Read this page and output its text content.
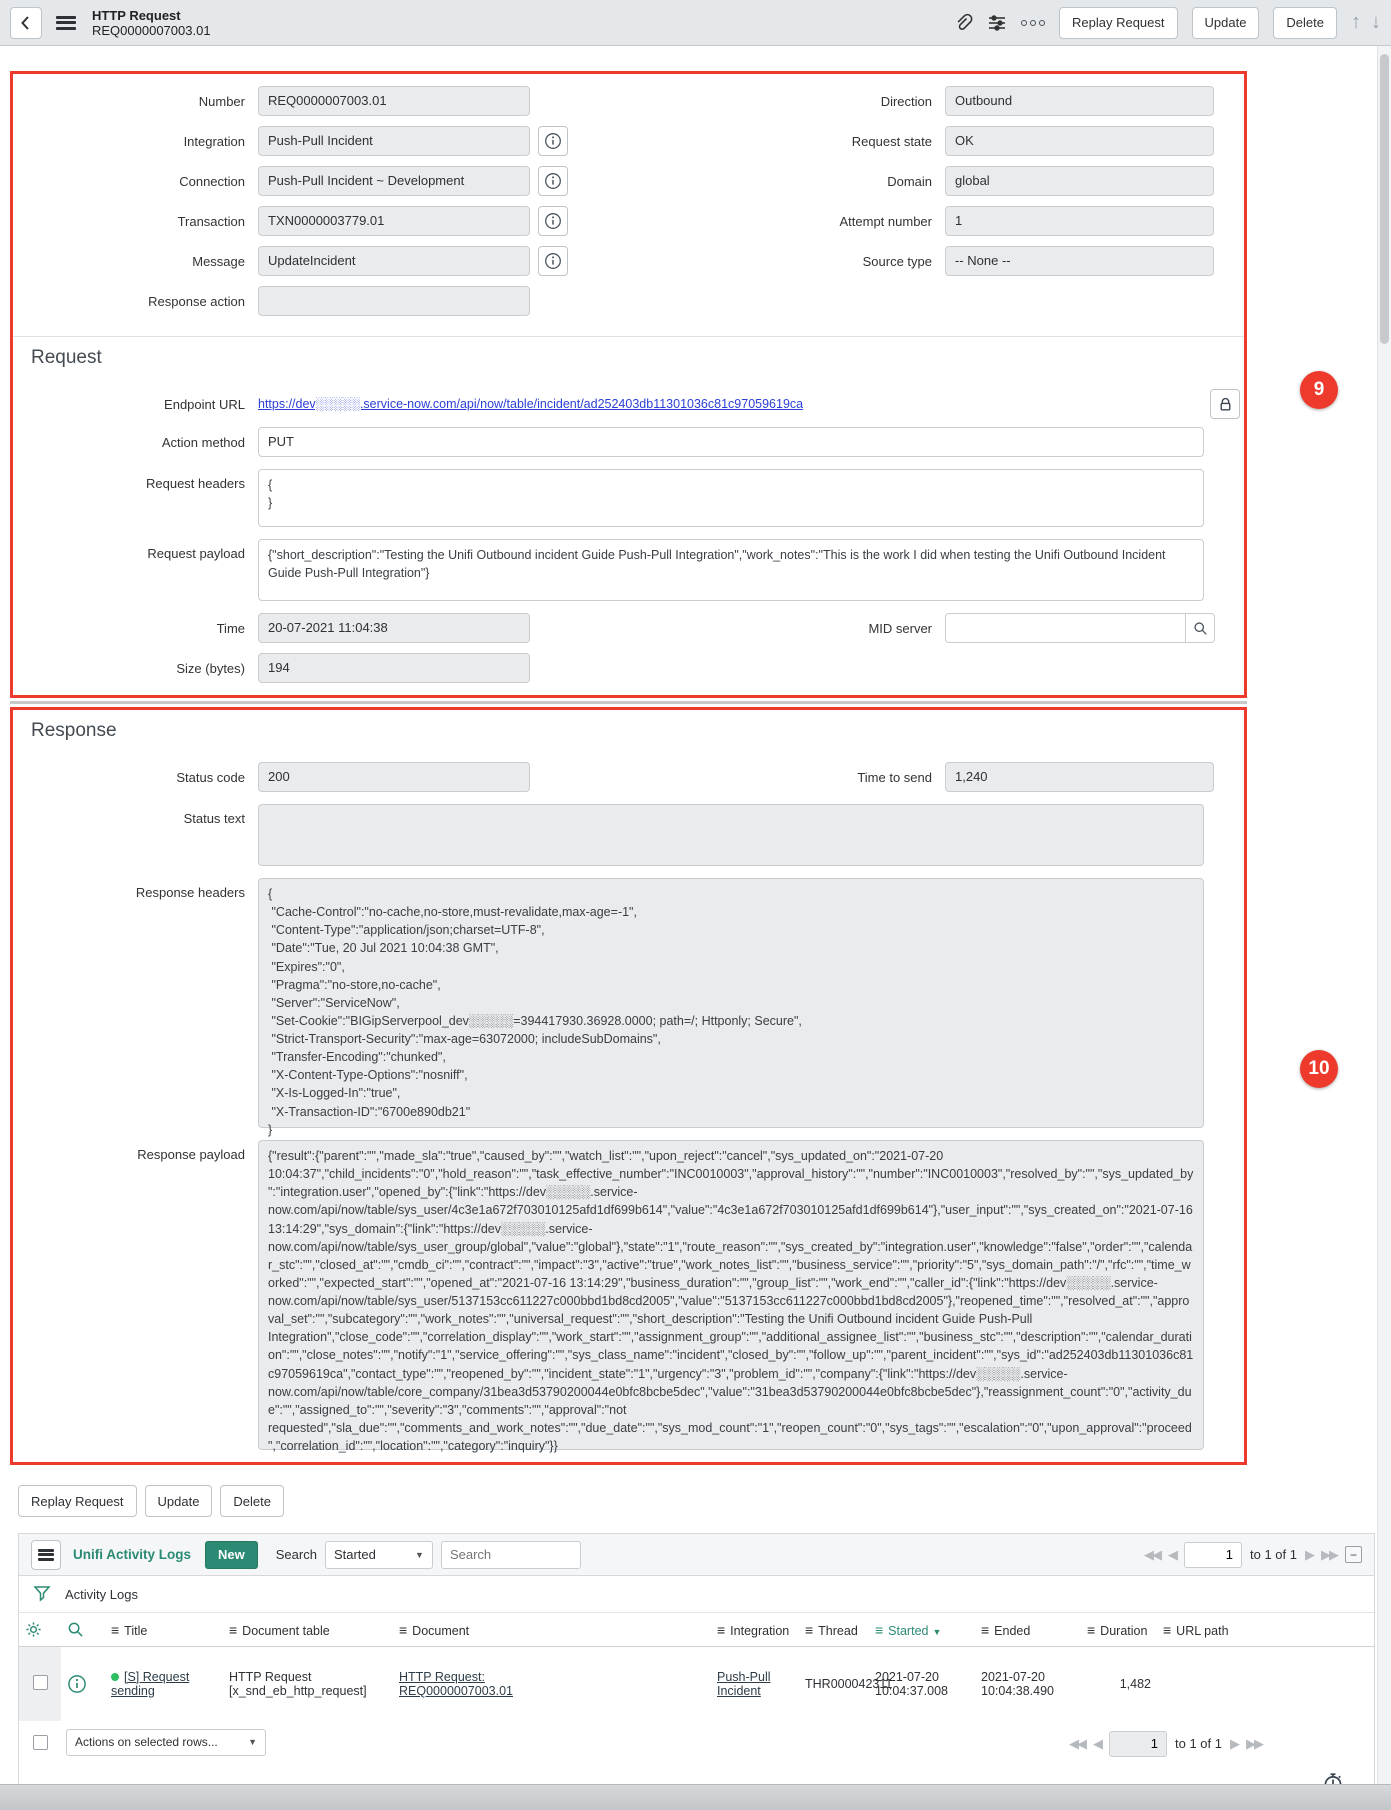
HTTP Request
REQ0000007003.01	Replay Request	Update	Delete	↑ ↓
9
Number	REQ0000007003.01
Integration	Push-Pull Incident
Connection	Push-Pull Incident ~ Development
Transaction	TXN0000003779.01
Message	UpdateIncident
Response action
Direction	Outbound
Request state	OK
Domain	global
Attempt number	1
Source type	-- None --
Request
Endpoint URL	https://dev░░░░░.service-now.com/api/now/table/incident/ad252403db11301036c81c97059619ca
Action method	PUT
Request headers	{
}
Request payload	{"short_description":"Testing the Unifi Outbound incident Guide Push-Pull Integration","work_notes":"This is the work I did when testing the Unifi Outbound Incident Guide Push-Pull Integration"}
Time	20-07-2021 11:04:38	MID server
Size (bytes)	194
10
Response
Status code	200	Time to send	1,240
Status text
Response headers	{
"Cache-Control":"no-cache,no-store,must-revalidate,max-age=-1",
"Content-Type":"application/json;charset=UTF-8",
"Date":"Tue, 20 Jul 2021 10:04:38 GMT",
"Expires":"0",
"Pragma":"no-store,no-cache",
"Server":"ServiceNow",
"Set-Cookie":"BIGipServerpool_dev░░░░░=394417930.36928.0000; path=/; Httponly; Secure",
"Strict-Transport-Security":"max-age=63072000; includeSubDomains",
"Transfer-Encoding":"chunked",
"X-Content-Type-Options":"nosniff",
"X-Is-Logged-In":"true",
"X-Transaction-ID":"6700e890db21"
}
Response payload	{"result":{"parent":"","made_sla":"true","caused_by":"","watch_list":"","upon_reject":"cancel","sys_updated_on":"2021-07-20 10:04:37","child_incidents":"0","hold_reason":"","task_effective_number":"INC0010003","approval_history":"","number":"INC0010003","resolved_by":"","sys_updated_by":"integration.user","opened_by":{"link":"https://dev░░░░░.service-now.com/api/now/table/sys_user/4c3e1a672f703010125afd1df699b614","value":"4c3e1a672f703010125afd1df699b614"},"user_input":"","sys_created_on":"2021-07-16 13:14:29","sys_domain":{"link":"https://dev░░░░░.service-now.com/api/now/table/sys_user_group/global","value":"global"},"state":"1","route_reason":"","sys_created_by":"integration.user","knowledge":"false","order":"","calendar_stc":"","closed_at":"","cmdb_ci":"","contract":"","impact":"3","active":"true","work_notes_list":"","business_service":"","priority":"5","sys_domain_path":"/","rfc":"","time_worked":"","expected_start":"","opened_at":"2021-07-16 13:14:29","business_duration":"","group_list":"","work_end":"","caller_id":{"link":"https://dev░░░░░.service-now.com/api/now/table/sys_user/5137153cc611227c000bbd1bd8cd2005","value":"5137153cc611227c000bbd1bd8cd2005"},"reopened_time":"","resolved_at":"","approval_set":"","subcategory":"","work_notes":"","universal_request":"","short_description":"Testing the Unifi Outbound incident Guide Push-Pull Integration","close_code":"","correlation_display":"","work_start":"","assignment_group":"","additional_assignee_list":"","business_stc":"","description":"","calendar_duration":"","close_notes":"","notify":"1","service_offering":"","sys_class_name":"incident","closed_by":"","follow_up":"","parent_incident":"","sys_id":"ad252403db11301036c81c97059619ca","contact_type":"","reopened_by":"","incident_state":"1","urgency":"3","problem_id":"","company":{"link":"https://dev░░░░░.service-now.com/api/now/table/core_company/31bea3d53790200044e0bfc8bcbe5dec","value":"31bea3d53790200044e0bfc8bcbe5dec"},"reassignment_count":"0","activity_due":"","assigned_to":"","severity":"3","comments":"","approval":"not requested","sla_due":"","comments_and_work_notes":"","due_date":"","sys_mod_count":"1","reopen_count":"0","sys_tags":"","escalation":"0","upon_approval":"proceed","correlation_id":"","location":"","category":"inquiry"}}
Replay Request	Update	Delete
Unifi Activity Logs	New	Search Started	▼
Search	◀◀ ◀
1	to 1 of 1 ▶ ▶▶	−
Activity Logs

	≡ Title	≡ Document table	≡ Document	≡ Integration	≡ Thread	≡ Started ▼	≡ Ended	≡ Duration	≡ URL path

	[S] Request sending	HTTP Request [x_snd_eb_http_request]	HTTP Request: REQ0000007003.01	Push-Pull Incident	THR000042311	2021-07-20 10:04:37.008	2021-07-20 10:04:38.490	1,482	
Actions on selected rows...	▼	◀◀ ◀
1	to 1 of 1 ▶ ▶▶
